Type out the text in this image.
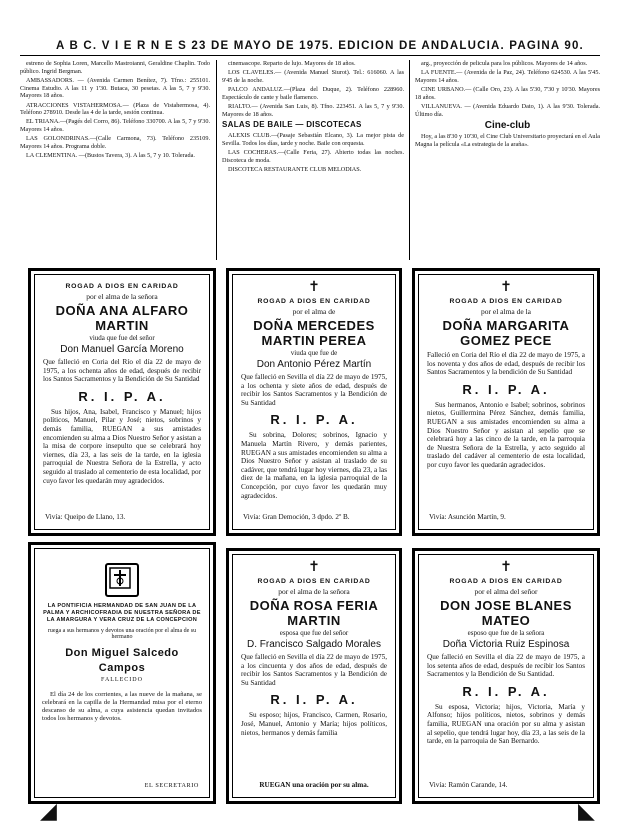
A B C. V I E R N E S 23 DE MAYO DE 1975. EDICION DE ANDALUCIA. PAGINA 90.

estreno de Sophia Loren, Marcello Mastroianni, Geraldine Chaplin. Todo público. Ingrid Bergman.

AMBASSADORS. — (Avenida Carmen Benítez, 7). Tfno.: 255101. Cinema Estudio. A las 11 y 1'30. Butaca, 30 pesetas. A las 5, 7 y 9'30. Mayores 18 años.

ATRACCIONES VISTAHERMOSA.— (Plaza de Vistahermosa, 4). Teléfono 278910. Desde las 4 de la tarde, sesión continua.

EL TRIANA.—(Pagés del Corro, 86). Teléfono 330700. A las 5, 7 y 9'30. Mayores 14 años.

LAS GOLONDRINAS.—(Calle Carmona, 73). Teléfono 235109. Mayores 14 años. Programa doble.

LA CLEMENTINA. —(Bustos Tavera, 3). A las 5, 7 y 10. Tolerada.

cinemascope. Reparto de lujo. Mayores de 18 años.

LOS CLAVELES.— (Avenida Manuel Siurot). Tel.: 616060. A las 9'45 de la noche.

PALCO ANDALUZ.—(Plaza del Duque, 2). Teléfono 228960. Espectáculo de cante y baile flamenco.

RIALTO.— (Avenida San Luis, 8). Tfno. 223451. A las 5, 7 y 9'30. Mayores de 18 años.

SALAS DE BAILE — DISCOTECAS

ALEXIS CLUB.—(Pasaje Sebastián Elcano, 3). La mejor pista de Sevilla. Todos los días, tarde y noche. Baile con orquesta.

LAS COCHERAS.—(Calle Feria, 27). Abierto todas las noches. Discoteca de moda.

DISCOTECA RESTAURANTE CLUB MELODIAS.

arg., proyección de pelicula para los públicos. Mayores de 14 años.

LA FUENTE.— (Avenida de la Paz, 24). Teléfono 624530. A las 5'45. Mayores 14 años.

CINE URBANO.— (Calle Oro, 23). A las 5'30, 7'30 y 10'30. Mayores 18 años.

VILLANUEVA. — (Avenida Eduardo Dato, 1). A las 9'30. Tolerada. Último día.

Cine-club

Hoy, a las 8'30 y 10'30, el Cine Club Universitario proyectará en el Aula Magna la película «La estrategia de la araña».

ROGAD A DIOS EN CARIDAD
por el alma de la señora
DOÑA ANA ALFARO MARTIN
viuda que fue del señor
Don Manuel García Moreno
Que falleció en Coria del Río el día 22 de mayo de 1975, a los ochenta años de edad, después de recibir los Santos Sacramentos y la Bendición de Su Santidad
R. I. P. A.
Sus hijos, Ana, Isabel, Francisco y Manuel; hijos políticos, Manuel, Pilar y José; nietos, sobrinos y demás familia, RUEGAN a sus amistades encomienden su alma a Dios Nuestro Señor y asistan a la misa de corpore insepulto que se celebrará hoy viernes, día 23, a las seis de la tarde, en la iglesia parroquial de Nuestra Señora de la Estrella, y acto seguido al traslado al cementerio de esta localidad, por cuyo favor les quedarán muy agradecidos.
Vivía: Queipo de Llano, 13.
✝
ROGAD A DIOS EN CARIDAD
por el alma de
DOÑA MERCEDES MARTIN PEREA
viuda que fue de
Don Antonio Pérez Martín
Que falleció en Sevilla el día 22 de mayo de 1975, a los ochenta y siete años de edad, después de recibir los Santos Sacramentos y la Bendición de Su Santidad
R. I. P. A.
Su sobrina, Dolores; sobrinos, Ignacio y Manuela Martín Rivero, y demás parientes, RUEGAN a sus amistades encomienden su alma a Dios Nuestro Señor y asistan al traslado de su cadáver, que tendrá lugar hoy viernes, día 23, a las diez de la mañana, en la iglesia parroquial de la Concepción, por cuyo favor les quedarán muy agradecidos.
Vivía: Gran Democión, 3 dpdo. 2º B.
✝
ROGAD A DIOS EN CARIDAD
por el alma de la
DOÑA MARGARITA GOMEZ PECE
Falleció en Coria del Río el día 22 de mayo de 1975, a los noventa y dos años de edad, después de recibir los Santos Sacramentos y la bendición de Su Santidad
R. I. P. A.
Sus hermanos, Antonio e Isabel; sobrinos, sobrinos nietos, Guillermina Pérez Sánchez, demás familia, RUEGAN a sus amistades encomienden su alma a Dios Nuestro Señor y asistan al sepelio que se celebrará hoy a las cinco de la tarde, en la parroquia de Nuestra Señora de la Estrella, y acto seguido al traslado del cadáver al cementerio de esta localidad, por cuyo favor les quedarán agradecidos.
Vivía: Asunción Martín, 9.
LA PONTIFICIA HERMANDAD DE SAN JUAN DE LA PALMA Y ARCHICOFRADIA DE NUESTRA SEÑORA DE LA AMARGURA Y VERA CRUZ DE LA CONCEPCION
ruega a sus hermanos y devotos una oración por el alma de su hermano
Don Miguel Salcedo Campos
FALLECIDO
El día 24 de los corrientes, a las nueve de la mañana, se celebrará en la capilla de la Hermandad misa por el eterno descanso de su alma, a cuya asistencia quedan invitados todos los hermanos y devotos.
EL SECRETARIO
✝
ROGAD A DIOS EN CARIDAD
por el alma de la señora
DOÑA ROSA FERIA MARTIN
esposa que fue del señor
D. Francisco Salgado Morales
Que falleció en Sevilla el día 22 de mayo de 1975, a los cincuenta y dos años de edad, después de recibir los Santos Sacramentos y la Bendición de Su Santidad
R. I. P. A.
Su esposo; hijos, Francisco, Carmen, Rosario, José, Manuel, Antonio y María; hijos políticos, nietos, hermanos y demás familia
RUEGAN una oración por su alma.
✝
ROGAD A DIOS EN CARIDAD
por el alma del señor
DON JOSE BLANES MATEO
esposo que fue de la señora
Doña Victoria Ruiz Espinosa
Que falleció en Sevilla el día 22 de mayo de 1975, a los setenta años de edad, después de recibir los Santos Sacramentos y la Bendición de Su Santidad.
R. I. P. A.
Su esposa, Victoria; hijos, Victoria, María y Alfonso; hijos políticos, nietos, sobrinos y demás familia, RUEGAN una oración por su alma y asistan al sepelio, que tendrá lugar hoy, día 23, a las seis de la tarde, en la parroquia de San Bernardo.
Vivía: Ramón Carande, 14.
◢	◣
